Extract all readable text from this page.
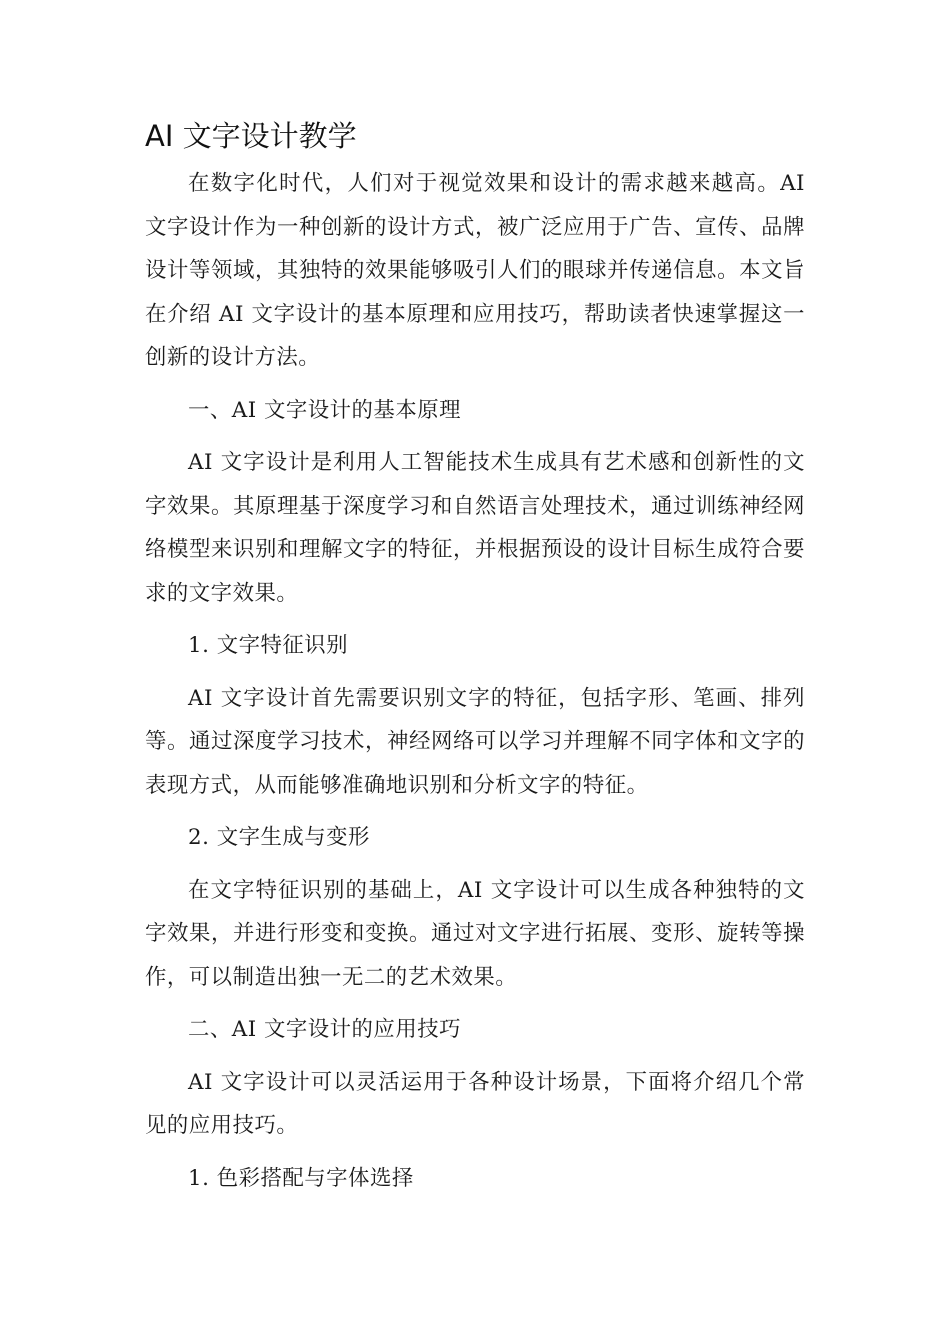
AI 文字设计教学

在数字化时代，人们对于视觉效果和设计的需求越来越高。AI 文字设计作为一种创新的设计方式，被广泛应用于广告、宣传、品牌设计等领域，其独特的效果能够吸引人们的眼球并传递信息。本文旨在介绍 AI 文字设计的基本原理和应用技巧，帮助读者快速掌握这一创新的设计方法。

一、AI 文字设计的基本原理

AI 文字设计是利用人工智能技术生成具有艺术感和创新性的文字效果。其原理基于深度学习和自然语言处理技术，通过训练神经网络模型来识别和理解文字的特征，并根据预设的设计目标生成符合要求的文字效果。

1. 文字特征识别

AI 文字设计首先需要识别文字的特征，包括字形、笔画、排列等。通过深度学习技术，神经网络可以学习并理解不同字体和文字的表现方式，从而能够准确地识别和分析文字的特征。

2. 文字生成与变形

在文字特征识别的基础上，AI 文字设计可以生成各种独特的文字效果，并进行形变和变换。通过对文字进行拓展、变形、旋转等操作，可以制造出独一无二的艺术效果。

二、AI 文字设计的应用技巧

AI 文字设计可以灵活运用于各种设计场景，下面将介绍几个常见的应用技巧。

1. 色彩搭配与字体选择
